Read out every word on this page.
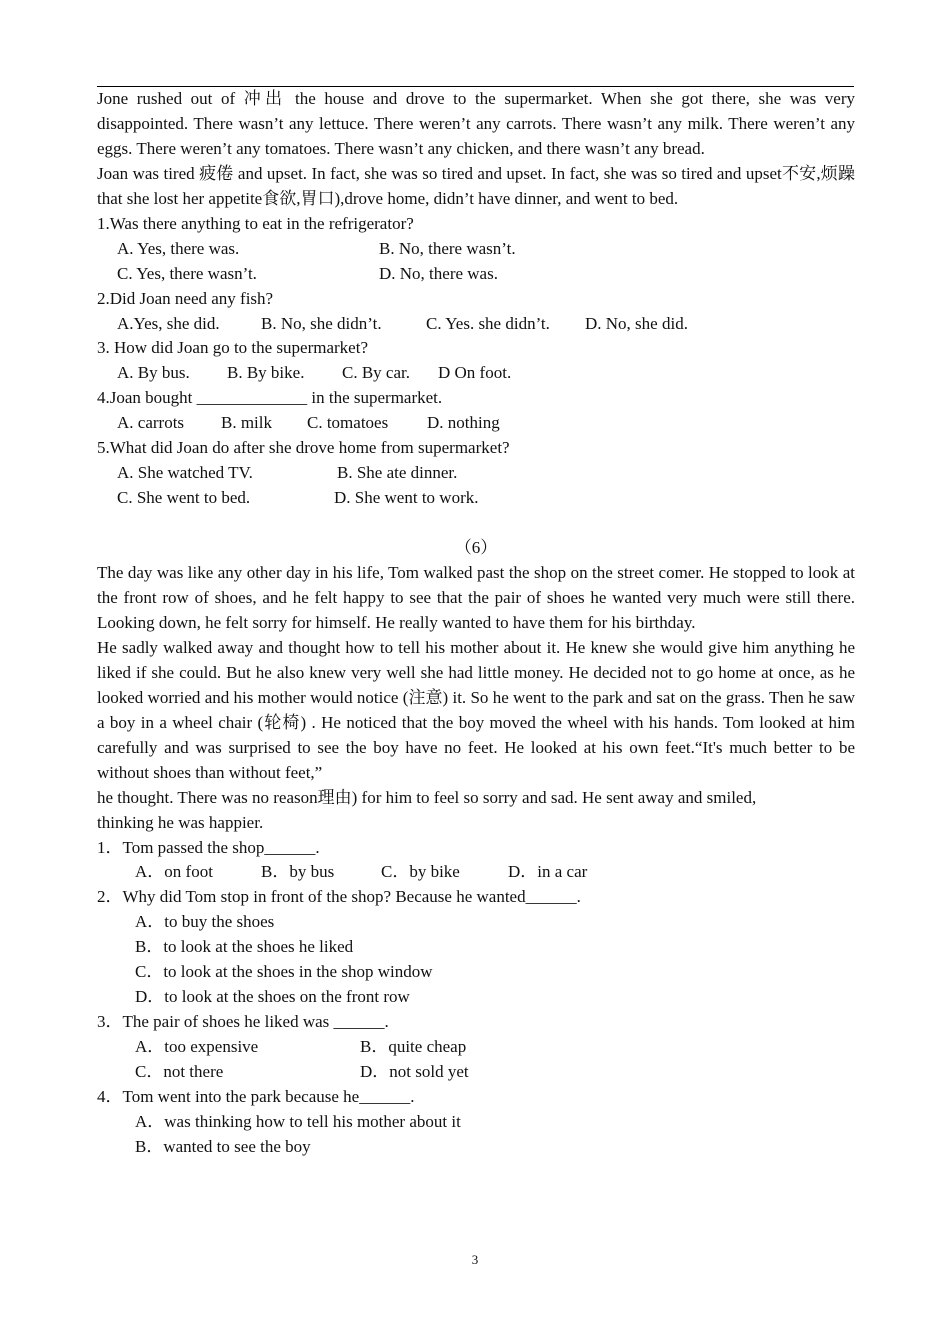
Jone rushed out of 冲出 the house and drove to the supermarket. When she got there, she was very disappointed. There wasn’t any lettuce. There weren’t any carrots. There wasn’t any milk. There weren’t any eggs. There weren’t any tomatoes. There wasn’t any chicken, and there wasn’t any bread.

Joan was tired 疲倦 and upset. In fact, she was so tired and upset. In fact, she was so tired and upset不安,烦躁 that she lost her appetite食欲,胃口),drove home, didn’t have dinner, and went to bed.

1.Was there anything to eat in the refrigerator?

A. Yes, there was.	B. No, there wasn’t.
C. Yes, there wasn’t.	D. No, there was.

2.Did Joan need any fish?

A.Yes, she did. B. No, she didn’t.	C. Yes. she didn’t. D. No, she did.

3. How did Joan go to the supermarket?

A. By bus. B. By bike. C. By car. D On foot.

4.Joan bought _____________ in the supermarket.

A. carrots B. milk C. tomatoes D. nothing

5.What did Joan do after she drove home from supermarket?

A. She watched TV.	B. She ate dinner.
C. She went to bed.	D. She went to work.

（6）

The day was like any other day in his life, Tom walked past the shop on the street comer. He stopped to look at the front row of shoes, and he felt happy to see that the pair of shoes he wanted very much were still there. Looking down, he felt sorry for himself. He really wanted to have them for his birthday.

He sadly walked away and thought how to tell his mother about it. He knew she would give him anything he liked if she could. But he also knew very well she had little money. He decided not to go home at once, as he looked worried and his mother would notice (注意) it. So he went to the park and sat on the grass. Then he saw a boy in a wheel chair (轮椅) . He noticed that the boy moved the wheel with his hands. Tom looked at him carefully and was surprised to see the boy have no feet. He looked at his own feet.“It's much better to be without shoes than without feet,”

he thought. There was no reason理由) for him to feel so sorry and sad. He sent away and smiled,

thinking he was happier.

1．Tom passed the shop______.

A．on foot	B．by bus	C．by bike	D．in a car

2．Why did Tom stop in front of the shop? Because he wanted______.

A．to buy the shoes

B．to look at the shoes he liked

C．to look at the shoes in the shop window

D．to look at the shoes on the front row

3．The pair of shoes he liked was ______.

A．too expensive	B．quite cheap
C．not there	D．not sold yet

4．Tom went into the park because he______.

A．was thinking how to tell his mother about it

B．wanted to see the boy

3
